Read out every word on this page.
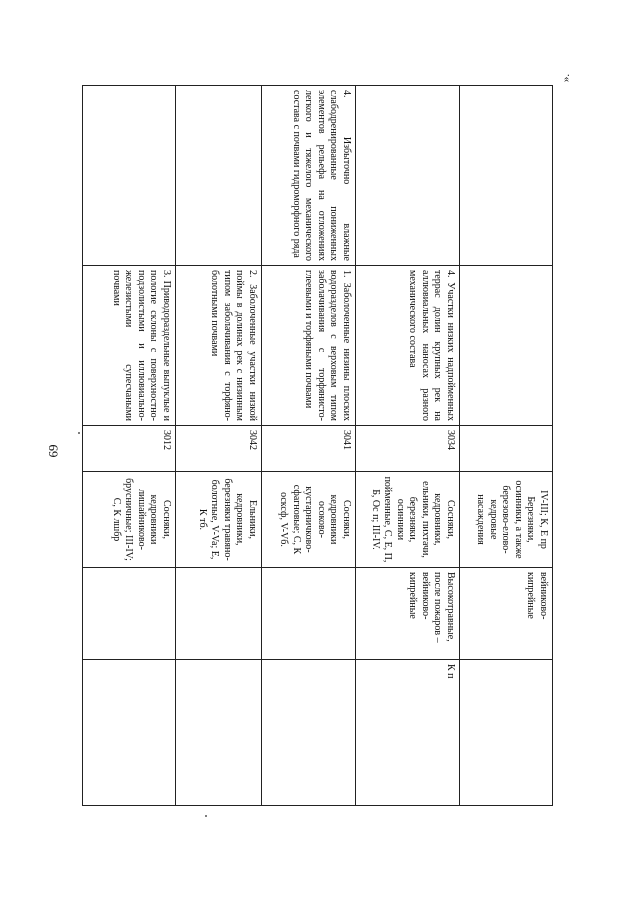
69
».
			IV-III; К, Е пр Березняки, осинники, а также березово-елово-кедровые насаждения	вейниково-кипрейные	
	4. Участки низких надпойменных террас долин крупных рек на аллювиальных наносах разного механического состава	3034	Сосняки, кедровники, ельники, пихтачи, березняки, осинники пойменные, С, Е, П, Б, Ос п; III-IV.	Высокотравные, после пожаров – вейниково-кипрейные	К п
4. Избыточно влажные слабодренированные пониженных элементов рельефа на отложениях легкого и тяжелого механического состава с почвами гидроморфного ряда	1. Заболоченные низины плоских водоразделов с верховым типом заболачивания с торфянисто-глеевыми и торфяными почвами	3041	Сосняки, кедровники осоково-кустарничково-сфагновые; С, К осксф, V-Vб.		
	2. Заболоченные участки низкой поймы в долинах рек с низинным типом заболачивания с торфяно-болотными почвами	3042	Ельники, кедровники, березняки травяно-болотные, V-Va; Е, К тб.		
	3. Приводораздельные выпуклые и пологие склоны с поверхностно-подзолистыми и иллювиально-железистыми супесчаными почвами	3012	Сосняки, кедровники лишайниково-брусничные; III-IV; С, К лшбр		
